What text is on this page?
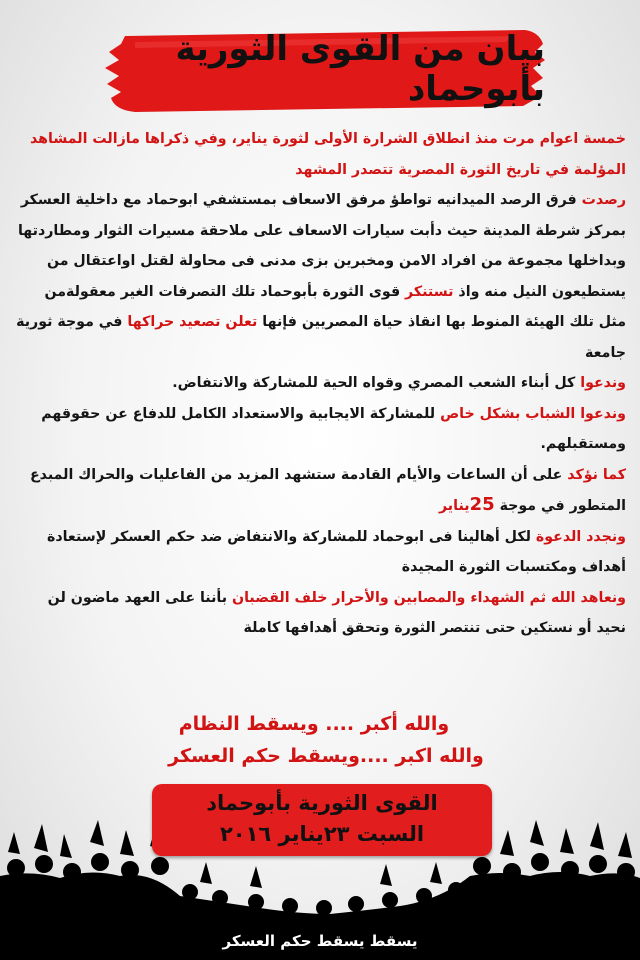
بيان من القوى الثورية بأبوحماد

خمسة اعوام مرت منذ انطلاق الشرارة الأولى لثورة يناير، وفي ذكراها مازالت المشاهد المؤلمة في تاريخ الثورة المصرية تتصدر المشهد

رصدت فرق الرصد الميدانيه تواطؤ مرفق الاسعاف بمستشفي ابوحماد مع داخلية العسكر بمركز شرطة المدينة حيث دأبت سيارات الاسعاف على ملاحقة مسيرات الثوار ومطاردتها وبداخلها مجموعة من افراد الامن ومخبرين بزى مدنى فى محاولة لقتل اواعتقال من يستطيعون النيل منه واذ تستنكر قوى الثورة بأبوحماد تلك التصرفات الغير معقولةمن مثل تلك الهيئة المنوط بها انقاذ حياة المصريين فإنها تعلن تصعيد حراكها في موجة ثورية جامعة

وندعوا كل أبناء الشعب المصري وقواه الحية للمشاركة والانتفاض.

وندعوا الشباب بشكل خاص للمشاركة الايجابية والاستعداد الكامل للدفاع عن حقوقهم ومستقبلهم.

كما نؤكد على أن الساعات والأيام القادمة ستشهد المزيد من الفاعليات والحراك المبدع المتطور في موجة 25يناير

ونجدد الدعوة لكل أهالينا فى ابوحماد للمشاركة والانتفاض ضد حكم العسكر لإستعادة أهداف ومكتسبات الثورة المجيدة

ونعاهد الله ثم الشهداء والمصابين والأحرار خلف القضبان بأننا على العهد ماضون لن نحيد أو نستكين حتى تنتصر الثورة وتحقق أهدافها كاملة

والله أكبر .... ويسقط النظام
والله اكبر ....ويسقط حكم العسكر
القوى الثورية بأبوحماد
السبت ٢٣يناير ٢٠١٦
يسقط يسقط حكم العسكر
